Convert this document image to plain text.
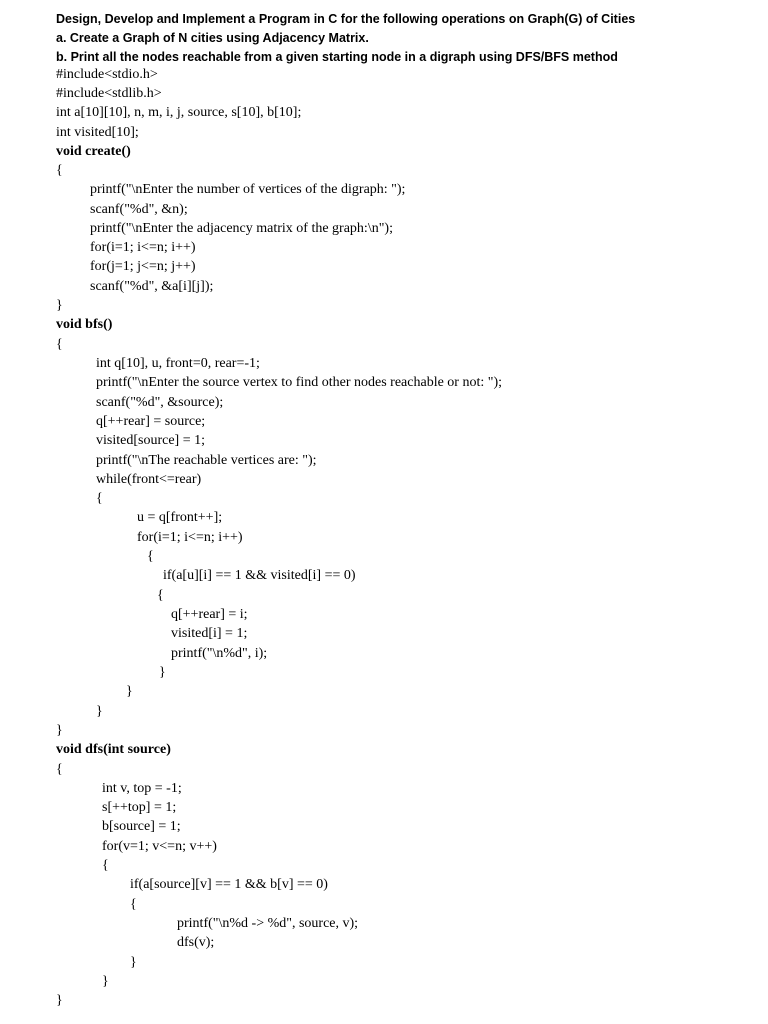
Design, Develop and Implement a Program in C for the following operations on Graph(G) of Cities
a. Create a Graph of N cities using Adjacency Matrix.
b. Print all the nodes reachable from a given starting node in a digraph using DFS/BFS method
#include<stdio.h>
#include<stdlib.h>
int a[10][10], n, m, i, j, source, s[10], b[10];
int visited[10];
void create()
{
printf("\nEnter the number of vertices of the digraph: ");
scanf("%d", &n);
printf("\nEnter the adjacency matrix of the graph:\n");
for(i=1; i<=n; i++)
for(j=1; j<=n; j++)
scanf("%d", &a[i][j]);
}
void bfs()
{
int q[10], u, front=0, rear=-1;
printf("\nEnter the source vertex to find other nodes reachable or not: ");
scanf("%d", &source);
q[++rear] = source;
visited[source] = 1;
printf("\nThe reachable vertices are: ");
while(front<=rear)
{
u = q[front++];
for(i=1; i<=n; i++)
{
if(a[u][i] == 1 && visited[i] == 0)
{
q[++rear] = i;
visited[i] = 1;
printf("\n%d", i);
}
}
}
}
void dfs(int source)
{
int v, top = -1;
s[++top] = 1;
b[source] = 1;
for(v=1; v<=n; v++)
{
if(a[source][v] == 1 && b[v] == 0)
{
printf("\n%d -> %d", source, v);
dfs(v);
}
}
}
